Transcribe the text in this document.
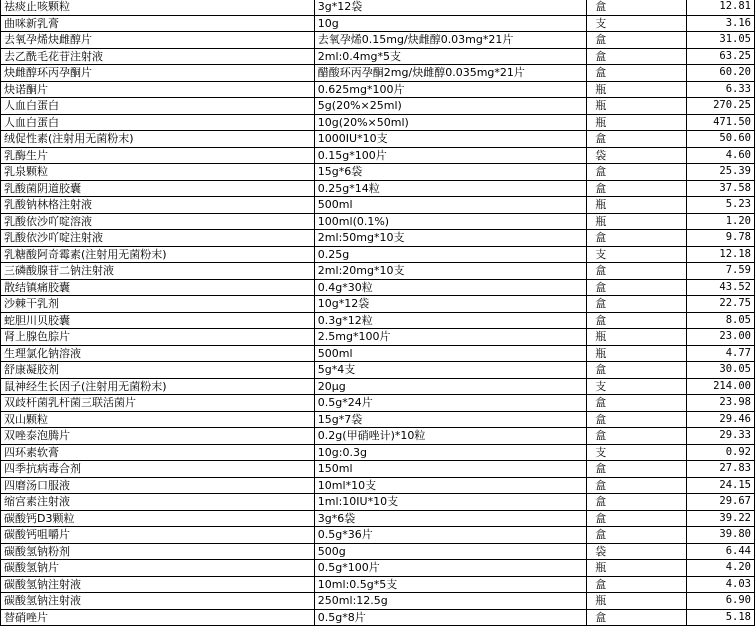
祛痰止咳颗粒	3g*12袋	盒	12.81
曲咪新乳膏	10g	支	3.16
去氧孕烯炔雌醇片	去氧孕烯0.15mg/炔雌醇0.03mg*21片	盒	31.05
去乙酰毛花苷注射液	2ml:0.4mg*5支	盒	63.25
炔雌醇环丙孕酮片	醋酸环丙孕酮2mg/炔雌醇0.035mg*21片	盒	60.20
炔诺酮片	0.625mg*100片	瓶	6.33
人血白蛋白	5g(20%×25ml)	瓶	270.25
人血白蛋白	10g(20%×50ml)	瓶	471.50
绒促性素(注射用无菌粉末)	1000IU*10支	盒	50.60
乳酶生片	0.15g*100片	袋	4.60
乳泉颗粒	15g*6袋	盒	25.39
乳酸菌阴道胶囊	0.25g*14粒	盒	37.58
乳酸钠林格注射液	500ml	瓶	5.23
乳酸依沙吖啶溶液	100ml(0.1%)	瓶	1.20
乳酸依沙吖啶注射液	2ml:50mg*10支	盒	9.78
乳糖酸阿奇霉素(注射用无菌粉末)	0.25g	支	12.18
三磷酸腺苷二钠注射液	2ml:20mg*10支	盒	7.59
散结镇痛胶囊	0.4g*30粒	盒	43.52
沙棘干乳剂	10g*12袋	盒	22.75
蛇胆川贝胶囊	0.3g*12粒	盒	8.05
肾上腺色腙片	2.5mg*100片	瓶	23.00
生理氯化钠溶液	500ml	瓶	4.77
舒康凝胶剂	5g*4支	盒	30.05
鼠神经生长因子(注射用无菌粉末)	20μg	支	214.00
双歧杆菌乳杆菌三联活菌片	0.5g*24片	盒	23.98
双山颗粒	15g*7袋	盒	29.46
双唑泰泡腾片	0.2g(甲硝唑计)*10粒	盒	29.33
四环素软膏	10g:0.3g	支	0.92
四季抗病毒合剂	150ml	盒	27.83
四磨汤口服液	10ml*10支	盒	24.15
缩宫素注射液	1ml:10IU*10支	盒	29.67
碳酸钙D3颗粒	3g*6袋	盒	39.22
碳酸钙咀嚼片	0.5g*36片	盒	39.80
碳酸氢钠粉剂	500g	袋	6.44
碳酸氢钠片	0.5g*100片	瓶	4.20
碳酸氢钠注射液	10ml:0.5g*5支	盒	4.03
碳酸氢钠注射液	250ml:12.5g	瓶	6.90
替硝唑片	0.5g*8片	盒	5.18
